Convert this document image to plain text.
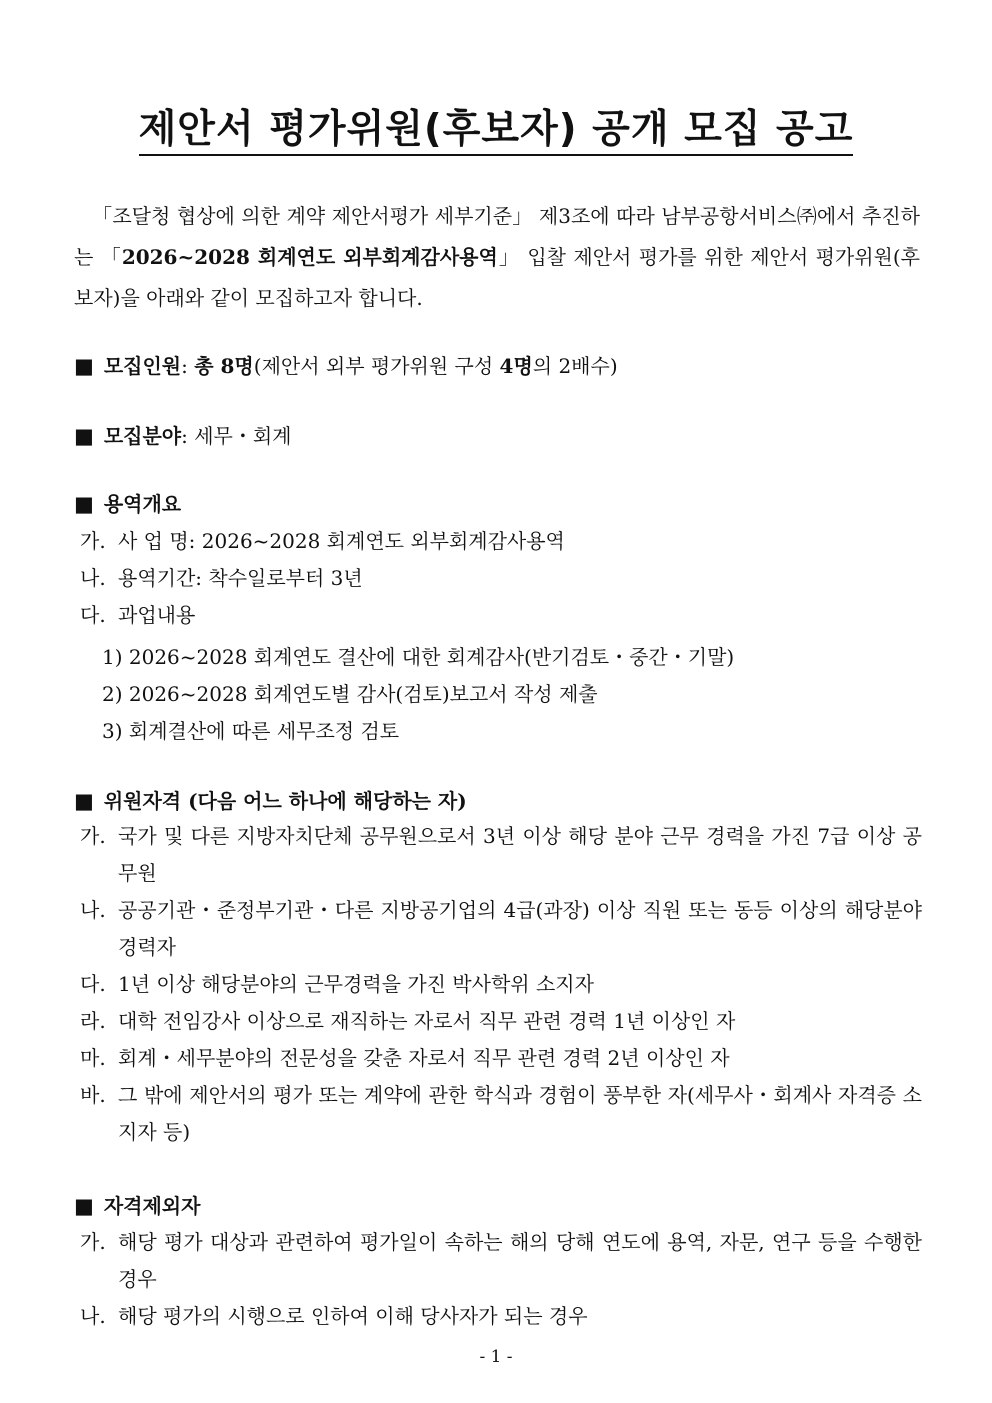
제안서 평가위원(후보자) 공개 모집 공고
「조달청 협상에 의한 계약 제안서평가 세부기준」 제3조에 따라 남부공항서비스㈜에서 추진하는 「2026~2028 회계연도 외부회계감사용역」 입찰 제안서 평가를 위한 제안서 평가위원(후보자)을 아래와 같이 모집하고자 합니다.
■ 모집인원: 총 8명(제안서 외부 평가위원 구성 4명의 2배수)
■ 모집분야: 세무・회계
■ 용역개요
가. 사 업 명: 2026~2028 회계연도 외부회계감사용역
나. 용역기간: 착수일로부터 3년
다. 과업내용
1) 2026~2028 회계연도 결산에 대한 회계감사(반기검토・중간・기말)
2) 2026~2028 회계연도별 감사(검토)보고서 작성 제출
3) 회계결산에 따른 세무조정 검토
■ 위원자격 (다음 어느 하나에 해당하는 자)
가. 국가 및 다른 지방자치단체 공무원으로서 3년 이상 해당 분야 근무 경력을 가진 7급 이상 공무원
나. 공공기관・준정부기관・다른 지방공기업의 4급(과장) 이상 직원 또는 동등 이상의 해당분야 경력자
다. 1년 이상 해당분야의 근무경력을 가진 박사학위 소지자
라. 대학 전임강사 이상으로 재직하는 자로서 직무 관련 경력 1년 이상인 자
마. 회계・세무분야의 전문성을 갖춘 자로서 직무 관련 경력 2년 이상인 자
바. 그 밖에 제안서의 평가 또는 계약에 관한 학식과 경험이 풍부한 자(세무사・회계사 자격증 소지자 등)
■ 자격제외자
가. 해당 평가 대상과 관련하여 평가일이 속하는 해의 당해 연도에 용역, 자문, 연구 등을 수행한 경우
나. 해당 평가의 시행으로 인하여 이해 당사자가 되는 경우
- 1 -
